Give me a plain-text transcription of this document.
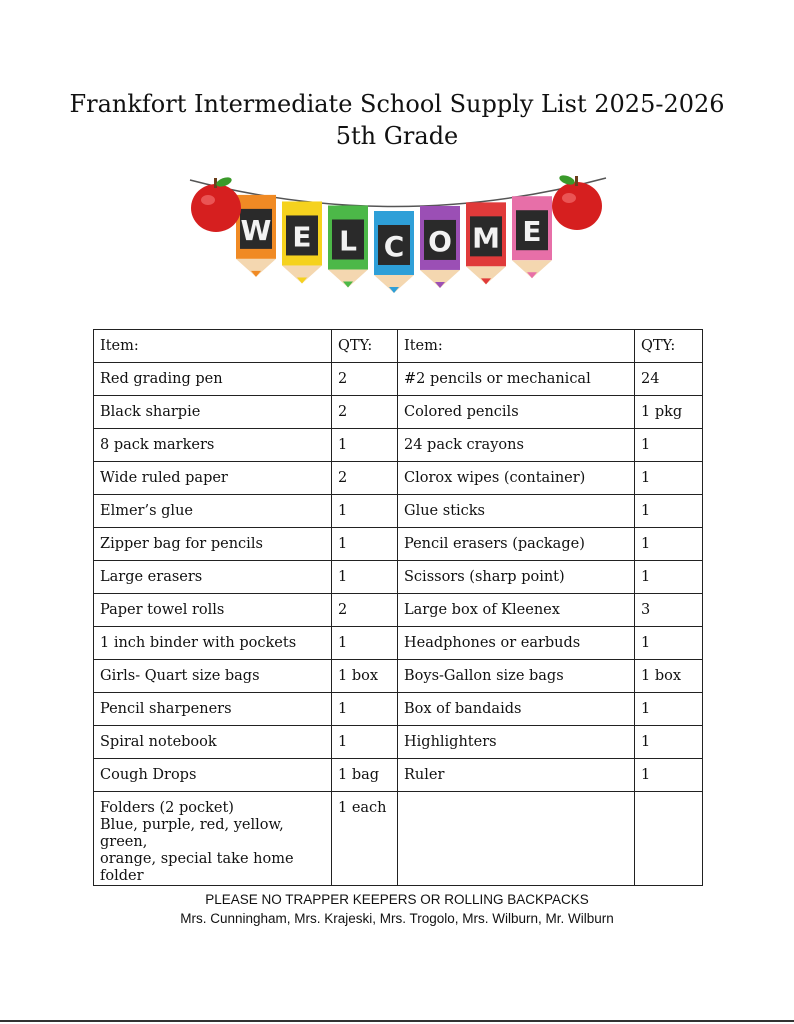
Frankfort Intermediate School Supply List 2025-2026
5th Grade
W E L C O M E
Item:	QTY:	Item:	QTY:
Red grading pen	2	#2 pencils or mechanical	24
Black sharpie	2	Colored pencils	1 pkg
8 pack markers	1	24 pack crayons	1
Wide ruled paper	2	Clorox wipes (container)	1
Elmer’s glue	1	Glue sticks	1
Zipper bag for pencils	1	Pencil erasers (package)	1
Large erasers	1	Scissors (sharp point)	1
Paper towel rolls	2	Large box of Kleenex	3
1 inch binder with pockets	1	Headphones or earbuds	1
Girls- Quart size bags	1 box	Boys-Gallon size bags	1 box
Pencil sharpeners	1	Box of bandaids	1
Spiral notebook	1	Highlighters	1
Cough Drops	1 bag	Ruler	1

Folders (2 pocket)
Blue, purple, red, yellow, green,
orange, special take home folder	1 each		
PLEASE NO TRAPPER KEEPERS OR ROLLING BACKPACKS
Mrs. Cunningham, Mrs. Krajeski, Mrs. Trogolo, Mrs. Wilburn, Mr. Wilburn
